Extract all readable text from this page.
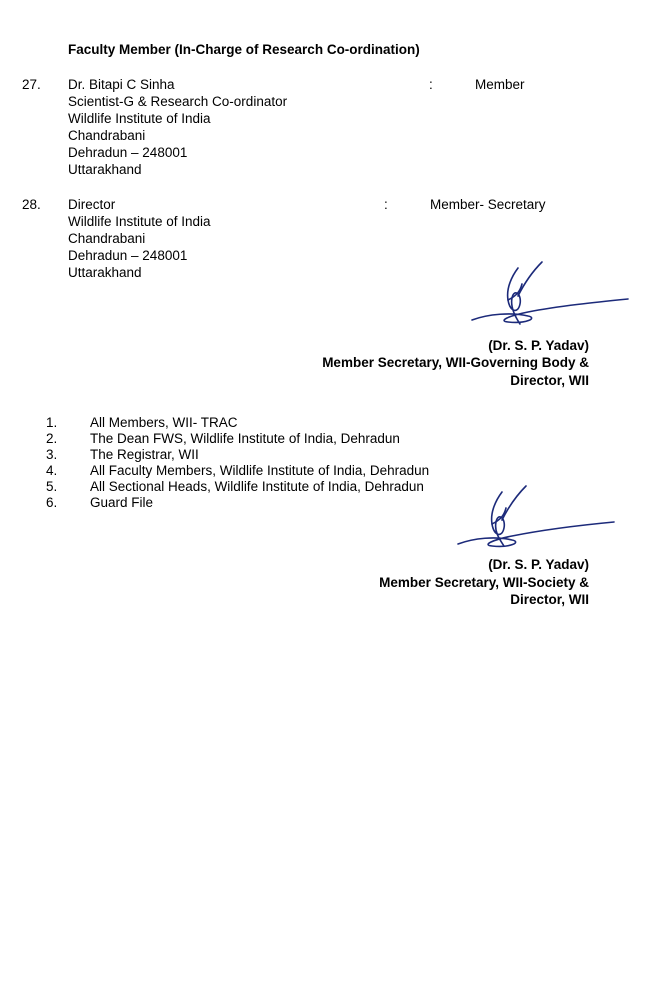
Faculty Member (In-Charge of Research Co-ordination)
27. Dr. Bitapi C Sinha
Scientist-G & Research Co-ordinator
Wildlife Institute of India
Chandrabani
Dehradun – 248001
Uttarakhand
:	Member
28. Director
Wildlife Institute of India
Chandrabani
Dehradun – 248001
Uttarakhand
:	Member- Secretary
(Dr. S. P. Yadav)
Member Secretary, WII-Governing Body &
Director, WII
1. All Members, WII- TRAC
2. The Dean FWS, Wildlife Institute of India, Dehradun
3. The Registrar, WII
4. All Faculty Members, Wildlife Institute of India, Dehradun
5. All Sectional Heads, Wildlife Institute of India, Dehradun
6. Guard File
(Dr. S. P. Yadav)
Member Secretary, WII-Society &
Director, WII
